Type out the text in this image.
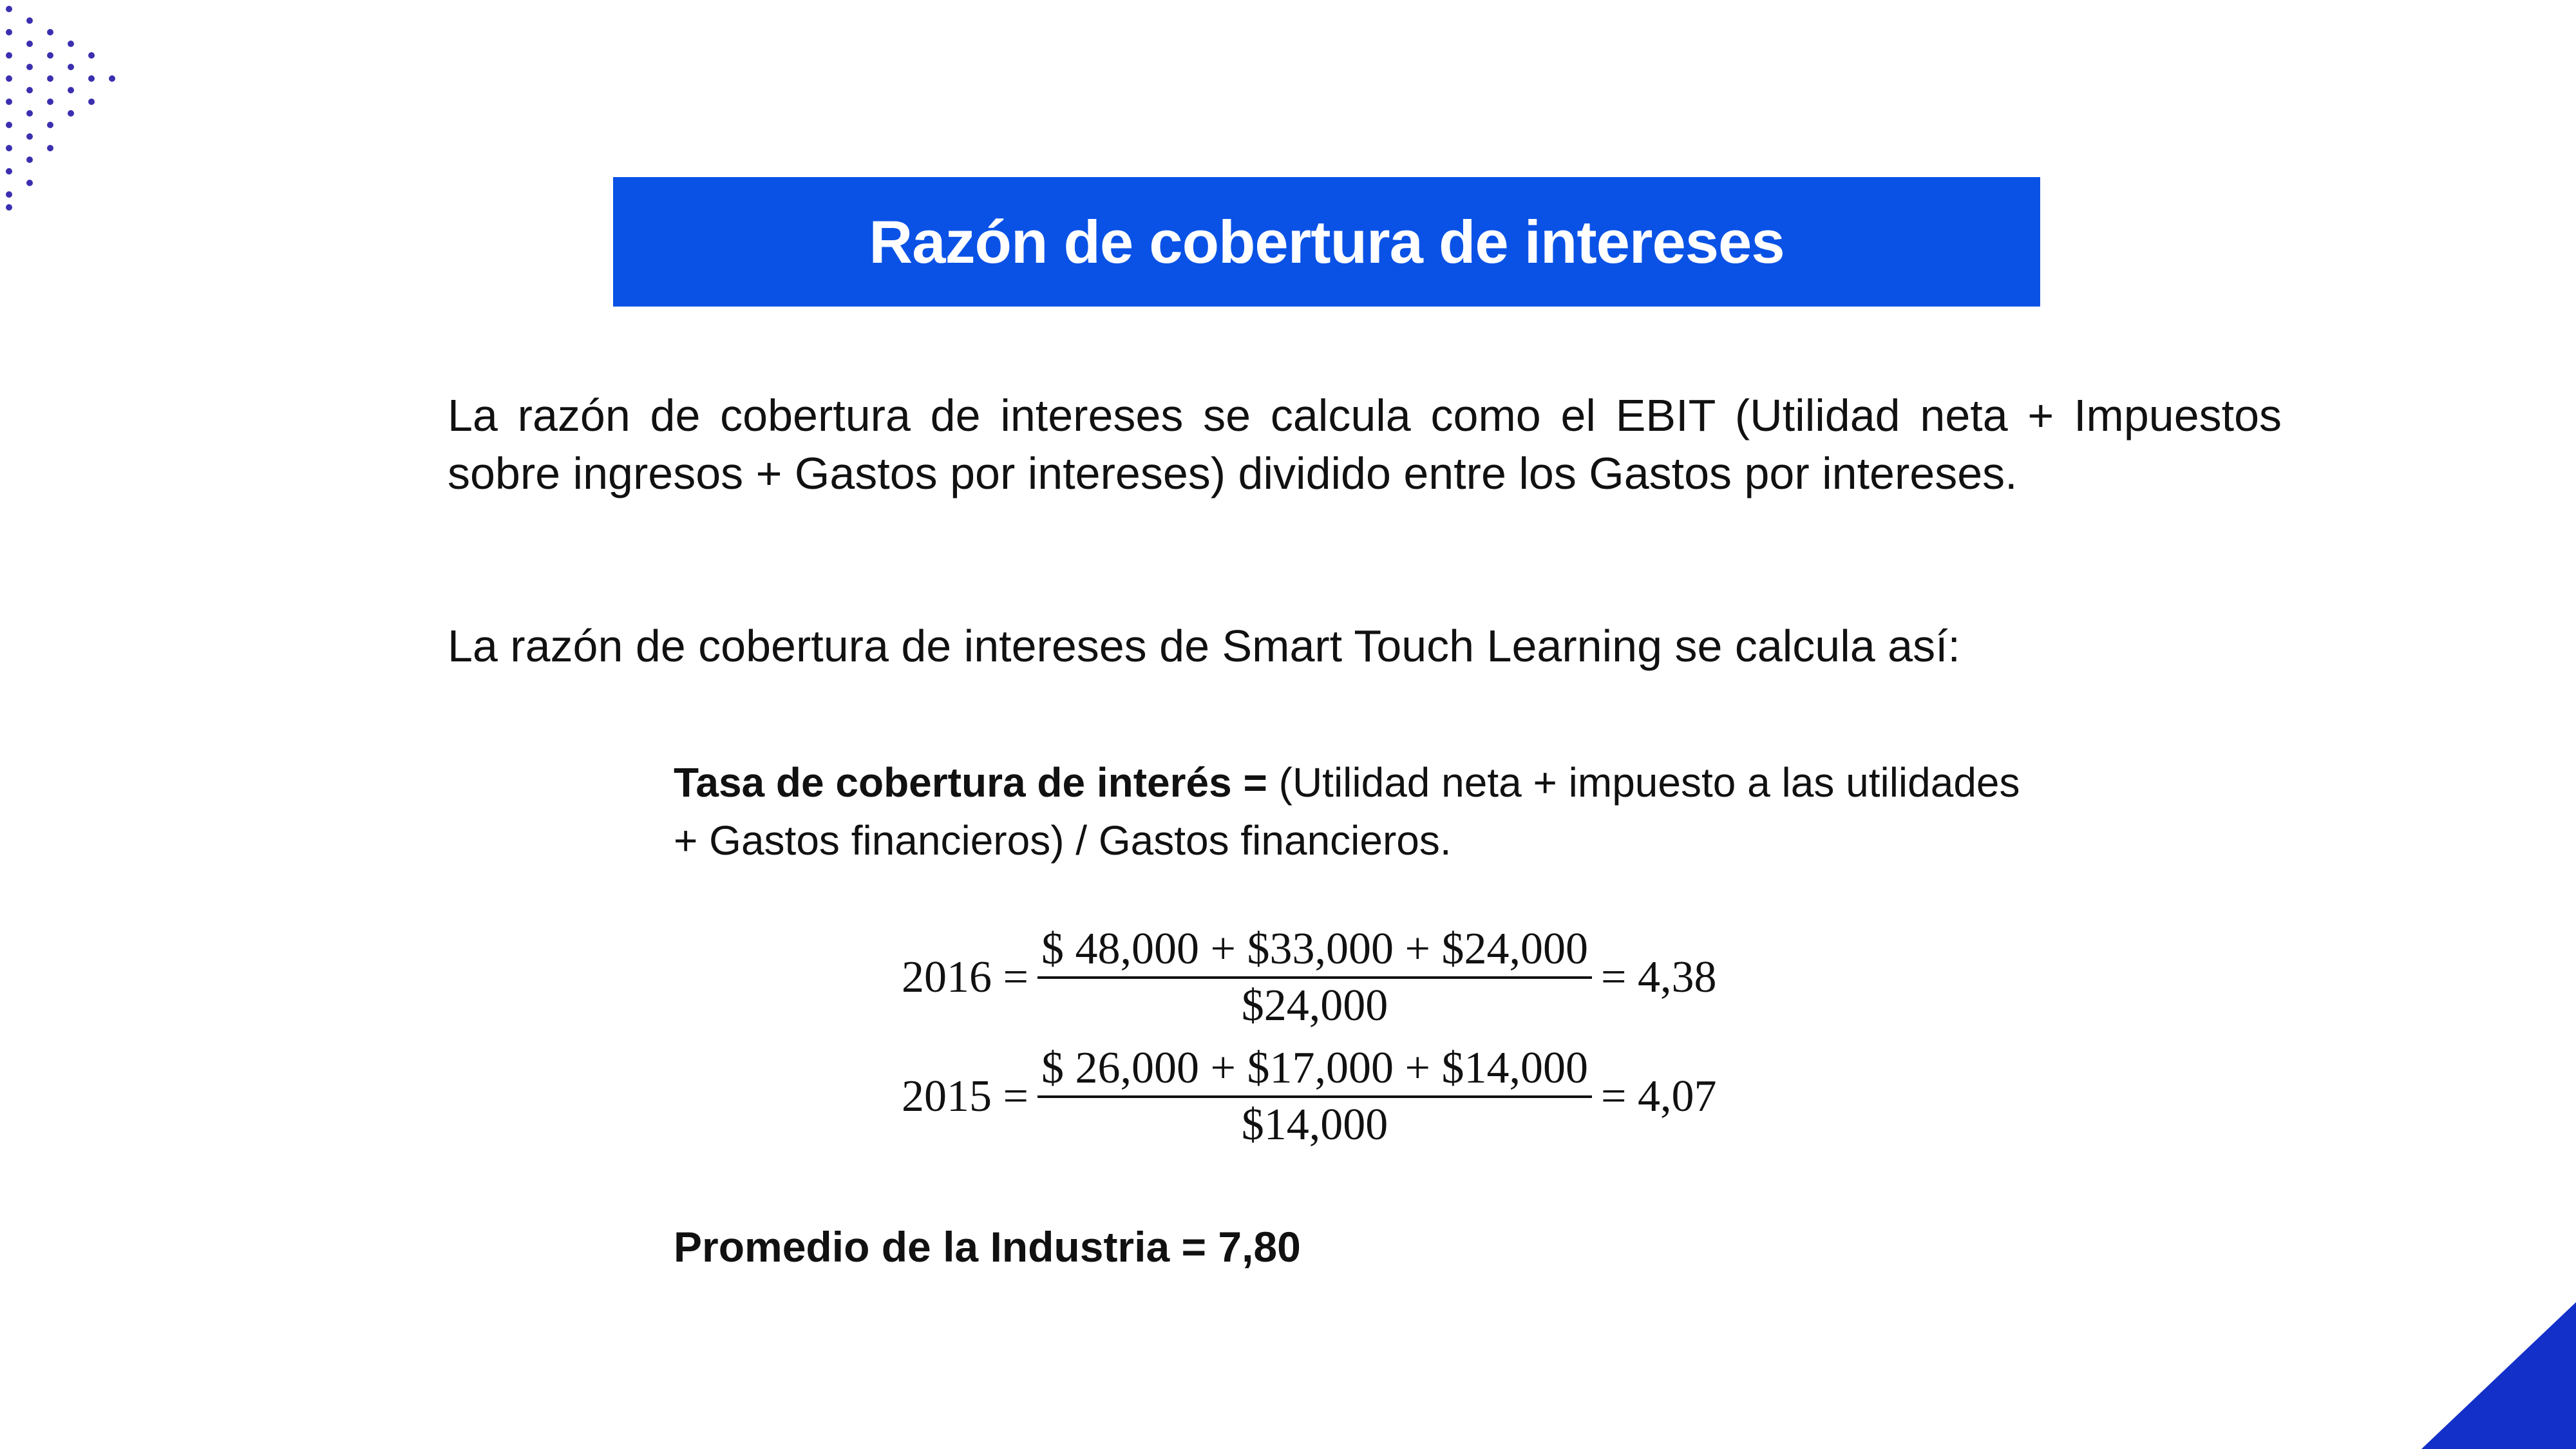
Razón de cobertura de intereses
La razón de cobertura de intereses se calcula como el EBIT (Utilidad neta + Impuestos sobre ingresos + Gastos por intereses) dividido entre los Gastos por intereses.
La razón de cobertura de intereses de Smart Touch Learning se calcula así:
Tasa de cobertura de interés = (Utilidad neta + impuesto a las utilidades
+ Gastos financieros) / Gastos financieros.
$2016 = \frac{\$ 48,000 + \$33,000 + \$24,000}{\$24,000} = 4,38$
$2015 = \frac{\$ 26,000 + \$17,000 + \$14,000}{\$14,000} = 4,07$
Promedio de la Industria = 7,80
